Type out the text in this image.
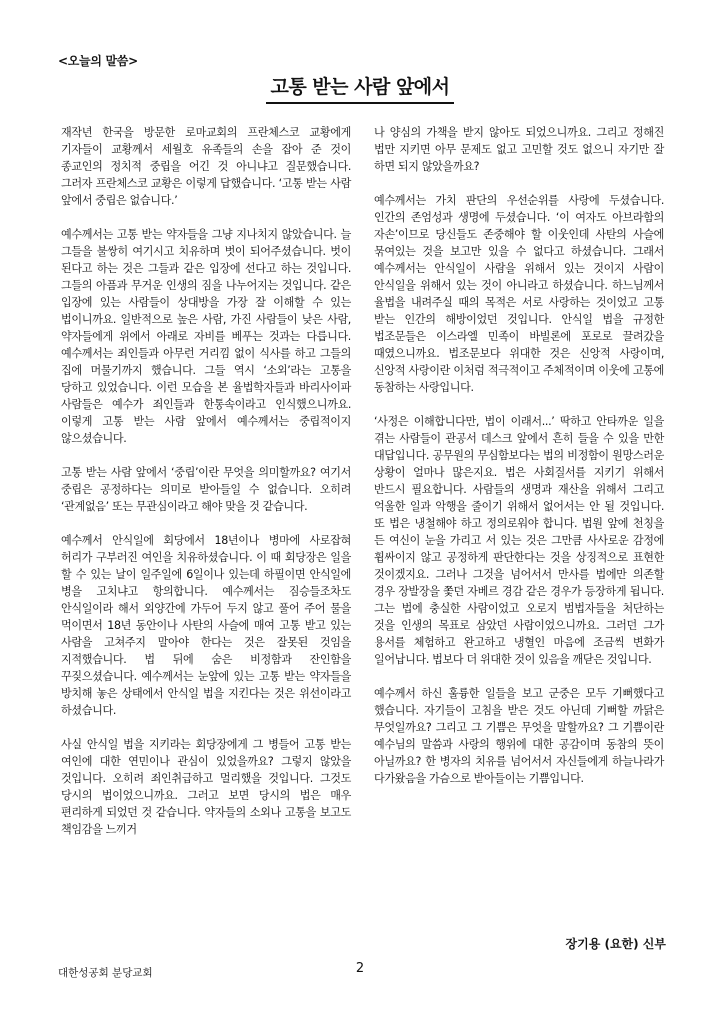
<오늘의 말씀>
고통 받는 사람 앞에서

재작년 한국을 방문한 로마교회의 프란체스코 교황에게 기자들이 교황께서 세월호 유족들의 손을 잡아 준 것이 종교인의 정치적 중립을 어긴 것 아니냐고 질문했습니다. 그러자 프란체스코 교황은 이렇게 답했습니다. ‘고통 받는 사람 앞에서 중립은 없습니다.’

예수께서는 고통 받는 약자들을 그냥 지나치지 않았습니다. 늘 그들을 불쌍히 여기시고 치유하며 벗이 되어주셨습니다. 벗이 된다고 하는 것은 그들과 같은 입장에 선다고 하는 것입니다. 그들의 아픔과 무거운 인생의 짐을 나누어지는 것입니다. 같은 입장에 있는 사람들이 상대방을 가장 잘 이해할 수 있는 법이니까요. 일반적으로 높은 사람, 가진 사람들이 낮은 사람, 약자들에게 위에서 아래로 자비를 베푸는 것과는 다릅니다. 예수께서는 죄인들과 아무런 거리낌 없이 식사를 하고 그들의 집에 머물기까지 했습니다. 그들 역시 ‘소외’라는 고통을 당하고 있었습니다. 이런 모습을 본 율법학자들과 바리사이파 사람들은 예수가 죄인들과 한통속이라고 인식했으니까요. 이렇게 고통 받는 사람 앞에서 예수께서는 중립적이지 않으셨습니다.

고통 받는 사람 앞에서 ‘중립’이란 무엇을 의미할까요? 여기서 중립은 공정하다는 의미로 받아들일 수 없습니다. 오히려 ‘관계없음’ 또는 무관심이라고 해야 맞을 것 같습니다.

예수께서 안식일에 회당에서 18년이나 병마에 사로잡혀 허리가 구부러진 여인을 치유하셨습니다. 이 때 회당장은 일을 할 수 있는 날이 일주일에 6일이나 있는데 하필이면 안식일에 병을 고치냐고 항의합니다. 예수께서는 짐승들조차도 안식일이라 해서 외양간에 가두어 두지 않고 풀어 주어 물을 먹이면서 18년 동안이나 사탄의 사슬에 매여 고통 받고 있는 사람을 고쳐주지 말아야 한다는 것은 잘못된 것임을 지적했습니다. 법 뒤에 숨은 비정함과 잔인함을 꾸짖으셨습니다. 예수께서는 눈앞에 있는 고통 받는 약자들을 방치해 놓은 상태에서 안식일 법을 지킨다는 것은 위선이라고 하셨습니다.

사실 안식일 법을 지키라는 회당장에게 그 병들어 고통 받는 여인에 대한 연민이나 관심이 있었을까요? 그렇지 않았을 것입니다. 오히려 죄인취급하고 멀리했을 것입니다. 그것도 당시의 법이었으니까요. 그러고 보면 당시의 법은 매우 편리하게 되었던 것 같습니다. 약자들의 소외나 고통을 보고도 책임감을 느끼거

나 양심의 가책을 받지 않아도 되었으니까요. 그리고 정해진 법만 지키면 아무 문제도 없고 고민할 것도 없으니 자기만 잘 하면 되지 않았을까요?

예수께서는 가치 판단의 우선순위를 사랑에 두셨습니다. 인간의 존엄성과 생명에 두셨습니다. ‘이 여자도 아브라함의 자손’이므로 당신들도 존중해야 할 이웃인데 사탄의 사슬에 묶여있는 것을 보고만 있을 수 없다고 하셨습니다. 그래서 예수께서는 안식일이 사람을 위해서 있는 것이지 사람이 안식일을 위해서 있는 것이 아니라고 하셨습니다. 하느님께서 율법을 내려주실 때의 목적은 서로 사랑하는 것이었고 고통 받는 인간의 해방이었던 것입니다. 안식일 법을 규정한 법조문들은 이스라엘 민족이 바빌론에 포로로 끌려갔을 때였으니까요. 법조문보다 위대한 것은 신앙적 사랑이며, 신앙적 사랑이란 이처럼 적극적이고 주체적이며 이웃에 고통에 동참하는 사랑입니다.

‘사정은 이해합니다만, 법이 이래서...’ 딱하고 안타까운 일을 겪는 사람들이 관공서 데스크 앞에서 흔히 들을 수 있을 만한 대답입니다. 공무원의 무심함보다는 법의 비정함이 원망스러운 상황이 얼마나 많은지요. 법은 사회질서를 지키기 위해서 반드시 필요합니다. 사람들의 생명과 재산을 위해서 그리고 억울한 일과 악행을 줄이기 위해서 없어서는 안 될 것입니다. 또 법은 냉철해야 하고 정의로워야 합니다. 법원 앞에 천칭을 든 여신이 눈을 가리고 서 있는 것은 그만큼 사사로운 감정에 휩싸이지 않고 공정하게 판단한다는 것을 상징적으로 표현한 것이겠지요. 그러나 그것을 넘어서서 만사를 법에만 의존할 경우 장발장을 쫓던 자베르 경감 같은 경우가 등장하게 됩니다. 그는 법에 충실한 사람이었고 오로지 범법자들을 처단하는 것을 인생의 목표로 삼았던 사람이었으니까요. 그러던 그가 용서를 체험하고 완고하고 냉혈인 마음에 조금씩 변화가 일어납니다. 법보다 더 위대한 것이 있음을 깨닫은 것입니다.

예수께서 하신 훌륭한 일들을 보고 군중은 모두 기뻐했다고 했습니다. 자기들이 고침을 받은 것도 아닌데 기뻐할 까닭은 무엇일까요? 그리고 그 기쁨은 무엇을 말할까요? 그 기쁨이란 예수님의 말씀과 사랑의 행위에 대한 공감이며 동참의 뜻이 아닐까요? 한 병자의 치유를 넘어서서 자신들에게 하늘나라가 다가왔음을 가슴으로 받아들이는 기쁨입니다.

장기용 (요한) 신부
대한성공회 분당교회	2
